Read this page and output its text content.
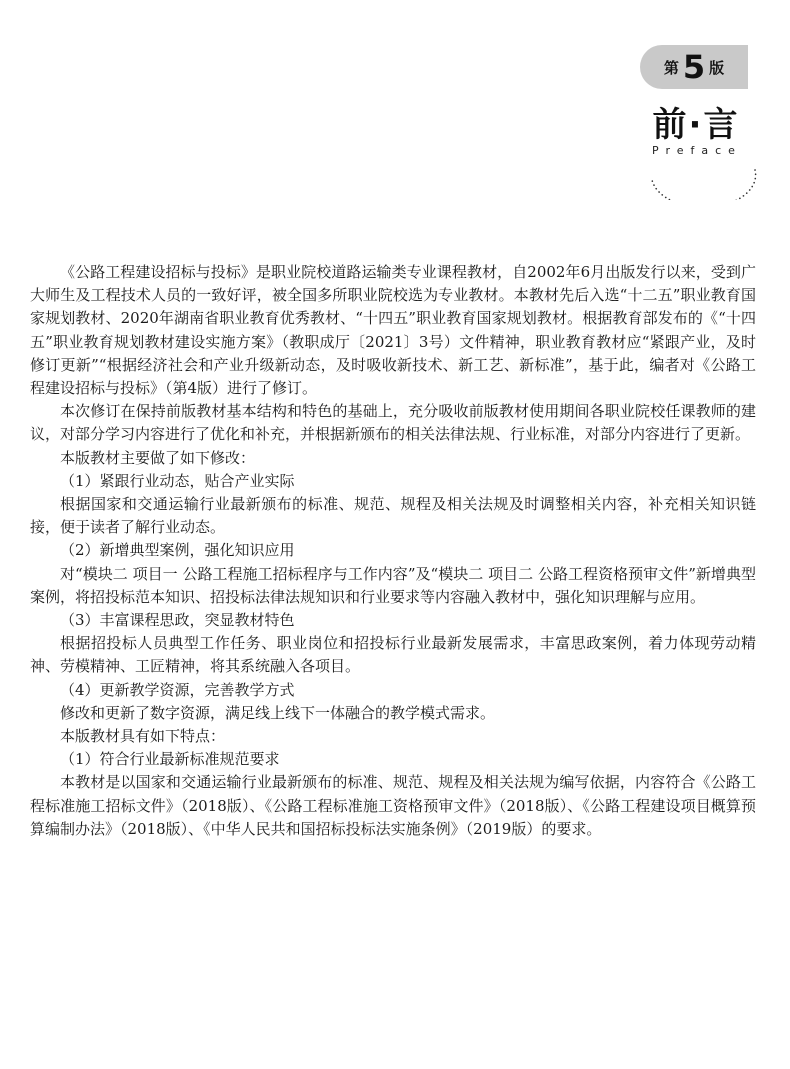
第 5 版
前·言
Preface

《公路工程建设招标与投标》是职业院校道路运输类专业课程教材，自2002年6月出版发行以来，受到广大师生及工程技术人员的一致好评，被全国多所职业院校选为专业教材。本教材先后入选“十二五”职业教育国家规划教材、2020年湖南省职业教育优秀教材、“十四五”职业教育国家规划教材。根据教育部发布的《“十四五”职业教育规划教材建设实施方案》（教职成厅〔2021〕3号）文件精神，职业教育教材应“紧跟产业，及时修订更新”“根据经济社会和产业升级新动态，及时吸收新技术、新工艺、新标准”，基于此，编者对《公路工程建设招标与投标》（第4版）进行了修订。

本次修订在保持前版教材基本结构和特色的基础上，充分吸收前版教材使用期间各职业院校任课教师的建议，对部分学习内容进行了优化和补充，并根据新颁布的相关法律法规、行业标准，对部分内容进行了更新。

本版教材主要做了如下修改：

（1）紧跟行业动态，贴合产业实际

根据国家和交通运输行业最新颁布的标准、规范、规程及相关法规及时调整相关内容，补充相关知识链接，便于读者了解行业动态。

（2）新增典型案例，强化知识应用

对“模块二 项目一 公路工程施工招标程序与工作内容”及“模块二 项目二 公路工程资格预审文件”新增典型案例，将招投标范本知识、招投标法律法规知识和行业要求等内容融入教材中，强化知识理解与应用。

（3）丰富课程思政，突显教材特色

根据招投标人员典型工作任务、职业岗位和招投标行业最新发展需求，丰富思政案例，着力体现劳动精神、劳模精神、工匠精神，将其系统融入各项目。

（4）更新教学资源，完善教学方式

修改和更新了数字资源，满足线上线下一体融合的教学模式需求。

本版教材具有如下特点：

（1）符合行业最新标准规范要求

本教材是以国家和交通运输行业最新颁布的标准、规范、规程及相关法规为编写依据，内容符合《公路工程标准施工招标文件》（2018版）、《公路工程标准施工资格预审文件》（2018版）、《公路工程建设项目概算预算编制办法》（2018版）、《中华人民共和国招标投标法实施条例》（2019版）的要求。
